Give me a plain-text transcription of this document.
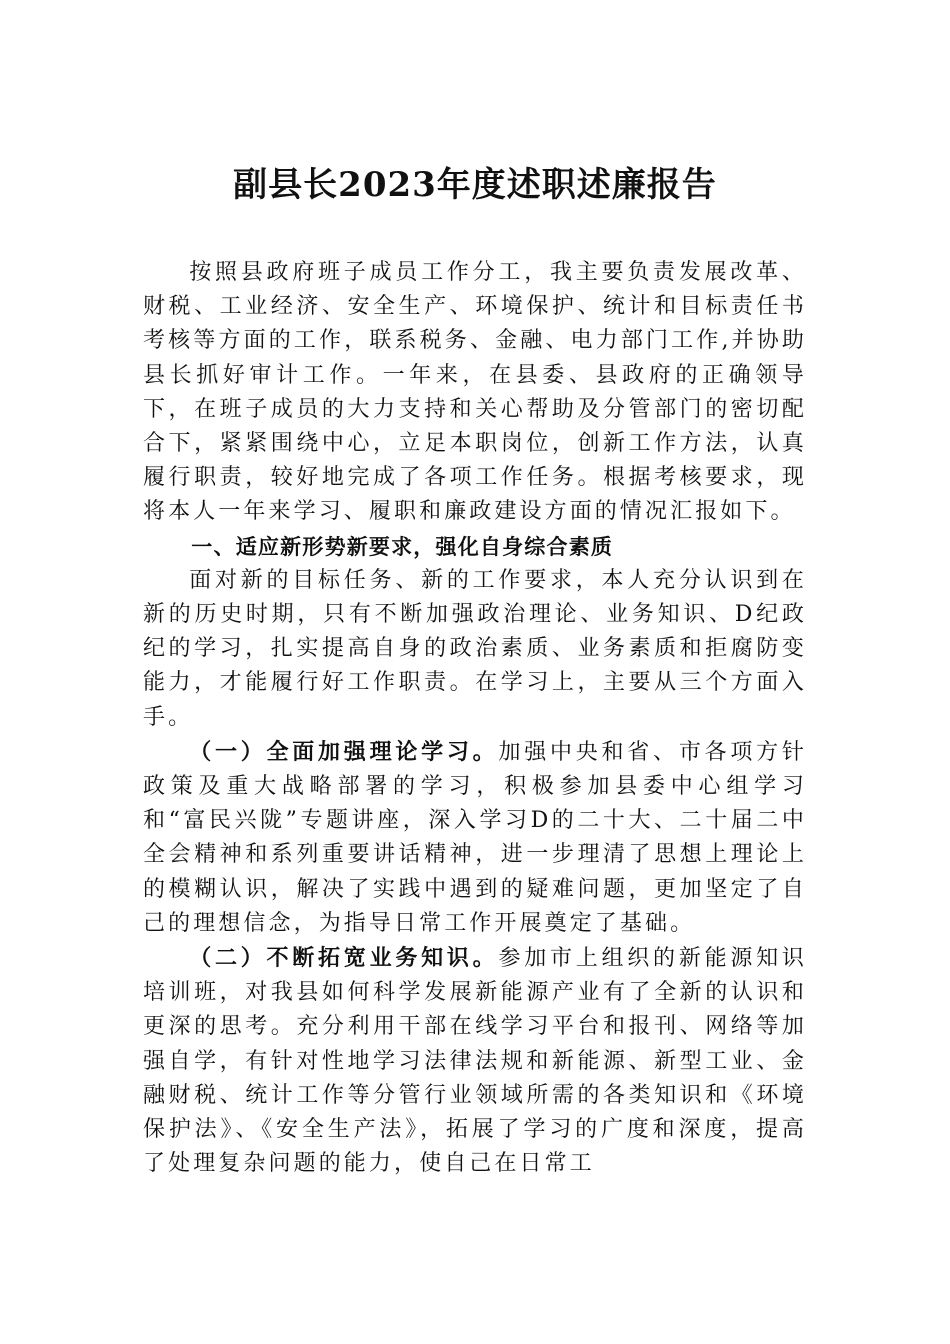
副县长2023年度述职述廉报告

按照县政府班子成员工作分工，我主要负责发展改革、财税、工业经济、安全生产、环境保护、统计和目标责任书考核等方面的工作，联系税务、金融、电力部门工作,并协助县长抓好审计工作。一年来，在县委、县政府的正确领导下，在班子成员的大力支持和关心帮助及分管部门的密切配合下，紧紧围绕中心，立足本职岗位，创新工作方法，认真履行职责，较好地完成了各项工作任务。根据考核要求，现将本人一年来学习、履职和廉政建设方面的情况汇报如下。

一、适应新形势新要求，强化自身综合素质

面对新的目标任务、新的工作要求，本人充分认识到在新的历史时期，只有不断加强政治理论、业务知识、D纪政纪的学习，扎实提高自身的政治素质、业务素质和拒腐防变能力，才能履行好工作职责。在学习上，主要从三个方面入手。

（一）全面加强理论学习。加强中央和省、市各项方针政策及重大战略部署的学习，积极参加县委中心组学习和“富民兴陇”专题讲座，深入学习D的二十大、二十届二中全会精神和系列重要讲话精神，进一步理清了思想上理论上的模糊认识，解决了实践中遇到的疑难问题，更加坚定了自己的理想信念，为指导日常工作开展奠定了基础。

（二）不断拓宽业务知识。参加市上组织的新能源知识培训班，对我县如何科学发展新能源产业有了全新的认识和更深的思考。充分利用干部在线学习平台和报刊、网络等加强自学，有针对性地学习法律法规和新能源、新型工业、金融财税、统计工作等分管行业领域所需的各类知识和《环境保护法》、《安全生产法》，拓展了学习的广度和深度，提高了处理复杂问题的能力，使自己在日常工
